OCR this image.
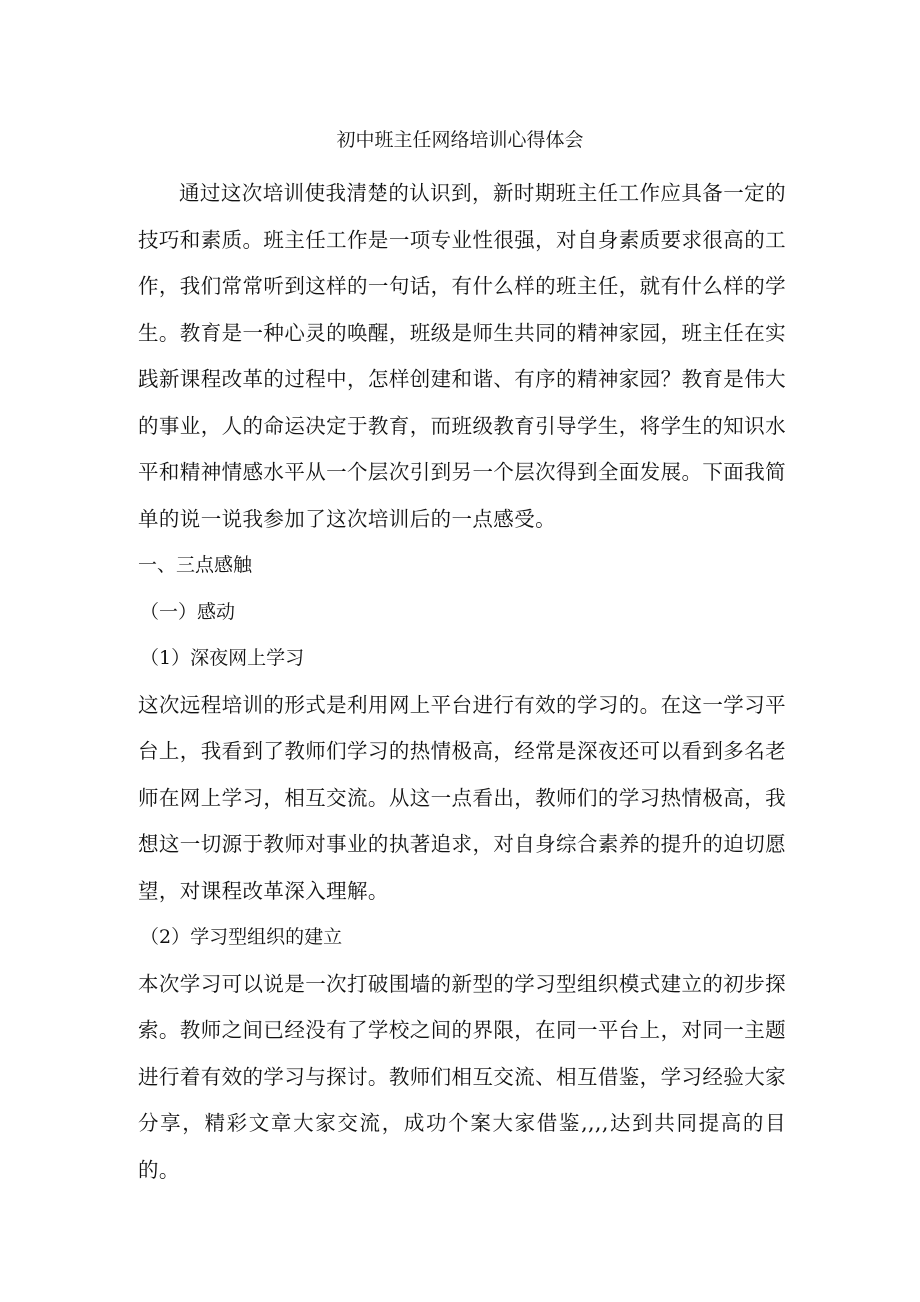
初中班主任网络培训心得体会

通过这次培训使我清楚的认识到，新时期班主任工作应具备一定的技巧和素质。班主任工作是一项专业性很强，对自身素质要求很高的工作，我们常常听到这样的一句话，有什么样的班主任，就有什么样的学生。教育是一种心灵的唤醒，班级是师生共同的精神家园，班主任在实践新课程改革的过程中，怎样创建和谐、有序的精神家园？教育是伟大的事业，人的命运决定于教育，而班级教育引导学生，将学生的知识水平和精神情感水平从一个层次引到另一个层次得到全面发展。下面我简单的说一说我参加了这次培训后的一点感受。

一、三点感触

（一）感动

（1）深夜网上学习

这次远程培训的形式是利用网上平台进行有效的学习的。在这一学习平台上，我看到了教师们学习的热情极高，经常是深夜还可以看到多名老师在网上学习，相互交流。从这一点看出，教师们的学习热情极高，我想这一切源于教师对事业的执著追求，对自身综合素养的提升的迫切愿望，对课程改革深入理解。

（2）学习型组织的建立

本次学习可以说是一次打破围墙的新型的学习型组织模式建立的初步探索。教师之间已经没有了学校之间的界限，在同一平台上，对同一主题进行着有效的学习与探讨。教师们相互交流、相互借鉴，学习经验大家分享，精彩文章大家交流，成功个案大家借鉴,,,,达到共同提高的目的。
